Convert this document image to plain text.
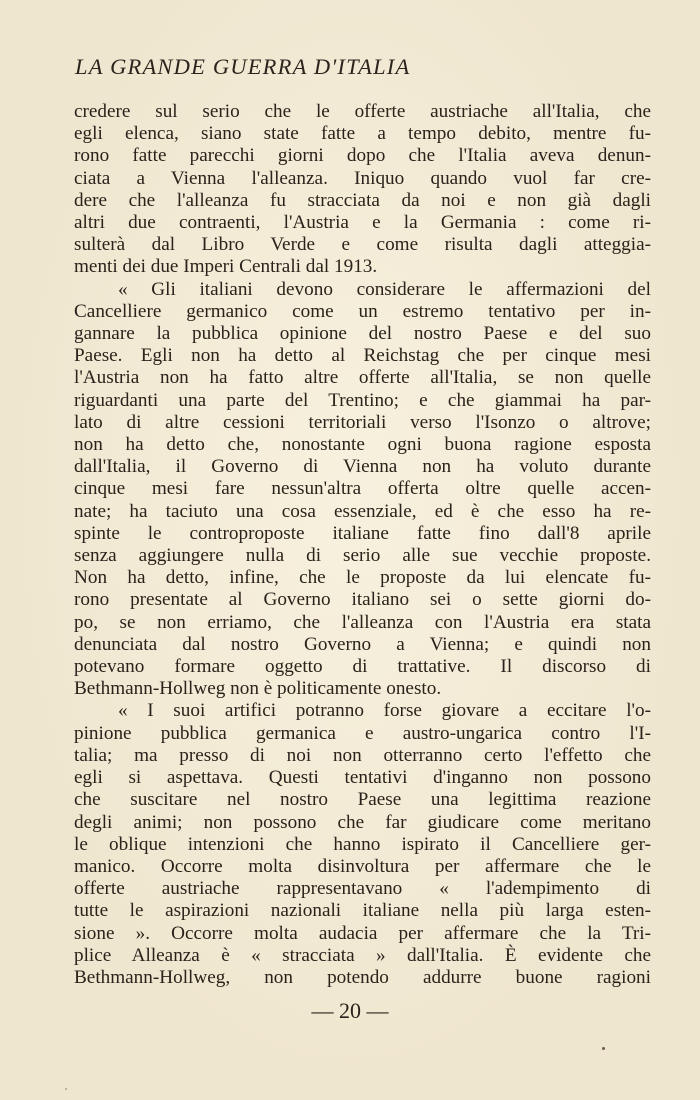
LA GRANDE GUERRA D'ITALIA

credere sul serio che le offerte austriache all'Italia, che

egli elenca, siano state fatte a tempo debito, mentre fu-

rono fatte parecchi giorni dopo che l'Italia aveva denun-

ciata a Vienna l'alleanza. Iniquo quando vuol far cre-

dere che l'alleanza fu stracciata da noi e non già dagli

altri due contraenti, l'Austria e la Germania : come ri-

sulterà dal Libro Verde e come risulta dagli atteggia-

menti dei due Imperi Centrali dal 1913.

« Gli italiani devono considerare le affermazioni del

Cancelliere germanico come un estremo tentativo per in-

gannare la pubblica opinione del nostro Paese e del suo

Paese. Egli non ha detto al Reichstag che per cinque mesi

l'Austria non ha fatto altre offerte all'Italia, se non quelle

riguardanti una parte del Trentino; e che giammai ha par-

lato di altre cessioni territoriali verso l'Isonzo o altrove;

non ha detto che, nonostante ogni buona ragione esposta

dall'Italia, il Governo di Vienna non ha voluto durante

cinque mesi fare nessun'altra offerta oltre quelle accen-

nate; ha taciuto una cosa essenziale, ed è che esso ha re-

spinte le controproposte italiane fatte fino dall'8 aprile

senza aggiungere nulla di serio alle sue vecchie proposte.

Non ha detto, infine, che le proposte da lui elencate fu-

rono presentate al Governo italiano sei o sette giorni do-

po, se non erriamo, che l'alleanza con l'Austria era stata

denunciata dal nostro Governo a Vienna; e quindi non

potevano formare oggetto di trattative. Il discorso di

Bethmann-Hollweg non è politicamente onesto.

« I suoi artifici potranno forse giovare a eccitare l'o-

pinione pubblica germanica e austro-ungarica contro l'I-

talia; ma presso di noi non otterranno certo l'effetto che

egli si aspettava. Questi tentativi d'inganno non possono

che suscitare nel nostro Paese una legittima reazione

degli animi; non possono che far giudicare come meritano

le oblique intenzioni che hanno ispirato il Cancelliere ger-

manico. Occorre molta disinvoltura per affermare che le

offerte austriache rappresentavano « l'adempimento di

tutte le aspirazioni nazionali italiane nella più larga esten-

sione ». Occorre molta audacia per affermare che la Tri-

plice Alleanza è « stracciata » dall'Italia. È evidente che

Bethmann-Hollweg, non potendo addurre buone ragioni

— 20 —
